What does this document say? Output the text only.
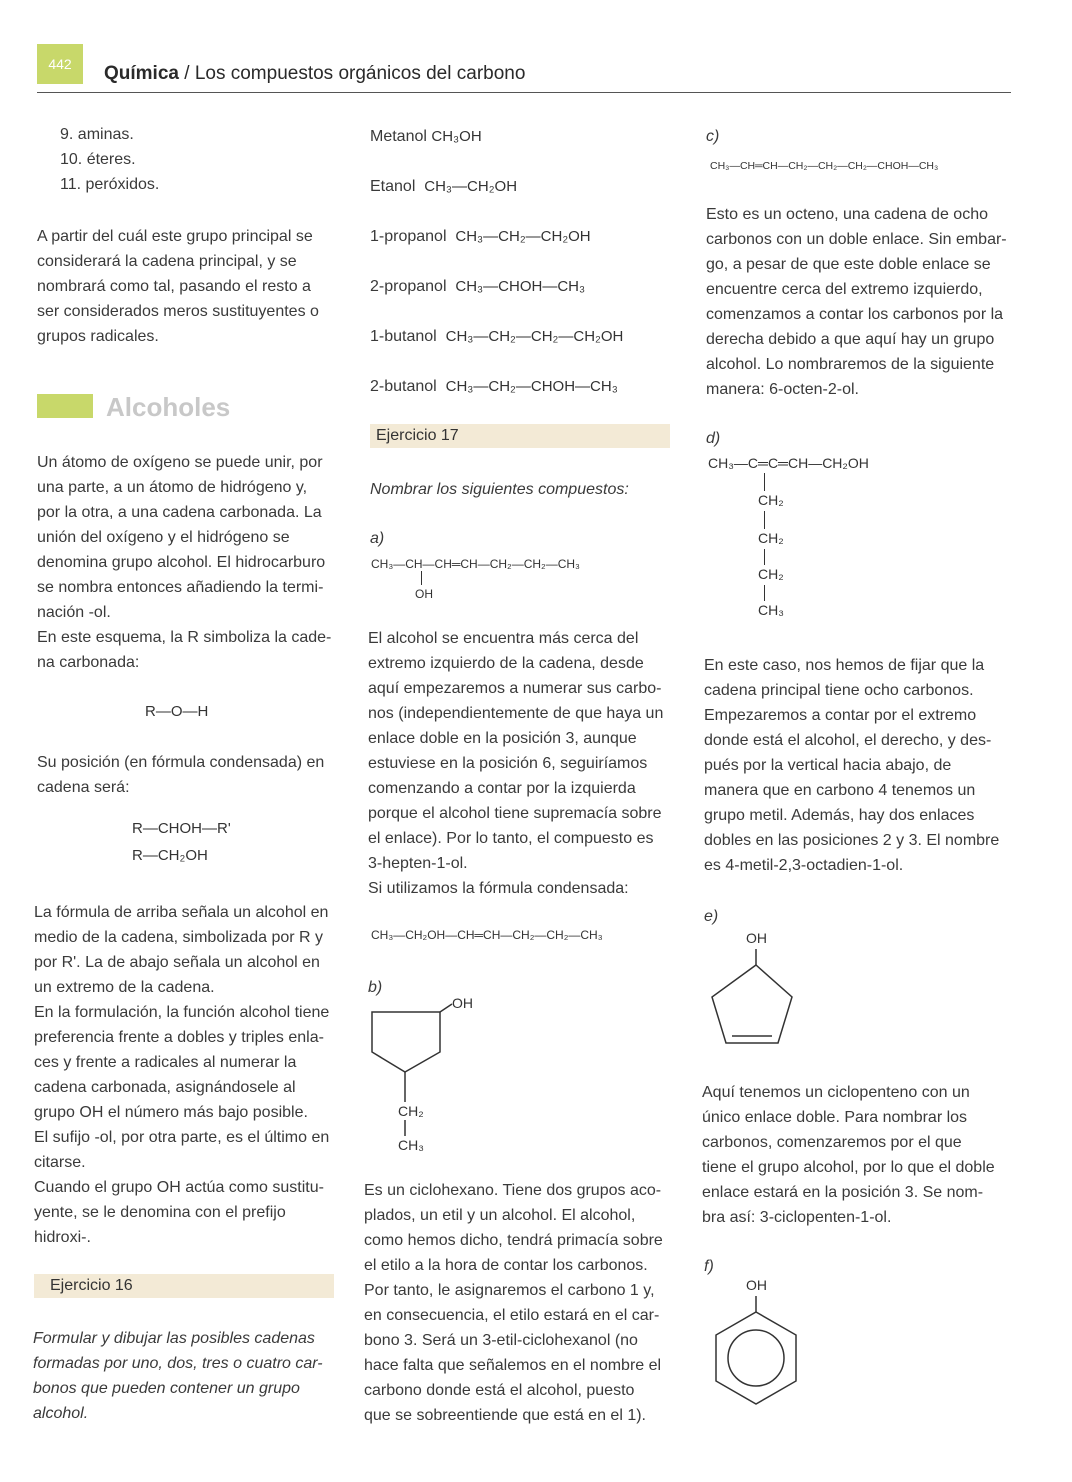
442	Química / Los compuestos orgánicos del carbono
9. aminas.
10. éteres.
11. peróxidos.
A partir del cuál este grupo principal se
considerará la cadena principal, y se
nombrará como tal, pasando el resto a
ser considerados meros sustituyentes o
grupos radicales.
Alcoholes
Un átomo de oxígeno se puede unir, por
una parte, a un átomo de hidrógeno y,
por la otra, a una cadena carbonada. La
unión del oxígeno y el hidrógeno se
denomina grupo alcohol. El hidrocarburo
se nombra entonces añadiendo la termi-
nación -ol.
En este esquema, la R simboliza la cade-
na carbonada:
R—O—H
Su posición (en fórmula condensada) en
cadena será:
R—CHOH—R'
R—CH₂OH
La fórmula de arriba señala un alcohol en
medio de la cadena, simbolizada por R y
por R'. La de abajo señala un alcohol en
un extremo de la cadena.
En la formulación, la función alcohol tiene
preferencia frente a dobles y triples enla-
ces y frente a radicales al numerar la
cadena carbonada, asignándosele al
grupo OH el número más bajo posible.
El sufijo -ol, por otra parte, es el último en
citarse.
Cuando el grupo OH actúa como sustitu-
yente, se le denomina con el prefijo
hidroxi-.
Ejercicio 16
Formular y dibujar las posibles cadenas
formadas por uno, dos, tres o cuatro car-
bonos que pueden contener un grupo
alcohol.
Metanol CH₃OH
Etanol CH₃—CH₂OH
1-propanol CH₃—CH₂—CH₂OH
2-propanol CH₃—CHOH—CH₃
1-butanol CH₃—CH₂—CH₂—CH₂OH
2-butanol CH₃—CH₂—CHOH—CH₃
Ejercicio 17
Nombrar los siguientes compuestos:
a)
CH₃—CH—CH═CH—CH₂—CH₂—CH₃
OH
El alcohol se encuentra más cerca del
extremo izquierdo de la cadena, desde
aquí empezaremos a numerar sus carbo-
nos (independientemente de que haya un
enlace doble en la posición 3, aunque
estuviese en la posición 6, seguiríamos
comenzando a contar por la izquierda
porque el alcohol tiene supremacía sobre
el enlace). Por lo tanto, el compuesto es
3-hepten-1-ol.
Si utilizamos la fórmula condensada:
CH₃—CH₂OH—CH═CH—CH₂—CH₂—CH₃
b)
OH
CH₂
CH₃
Es un ciclohexano. Tiene dos grupos aco-
plados, un etil y un alcohol. El alcohol,
como hemos dicho, tendrá primacía sobre
el etilo a la hora de contar los carbonos.
Por tanto, le asignaremos el carbono 1 y,
en consecuencia, el etilo estará en el car-
bono 3. Será un 3-etil-ciclohexanol (no
hace falta que señalemos en el nombre el
carbono donde está el alcohol, puesto
que se sobreentiende que está en el 1).
c)
CH₃—CH═CH—CH₂—CH₂—CH₂—CHOH—CH₃
Esto es un octeno, una cadena de ocho
carbonos con un doble enlace. Sin embar-
go, a pesar de que este doble enlace se
encuentre cerca del extremo izquierdo,
comenzamos a contar los carbonos por la
derecha debido a que aquí hay un grupo
alcohol. Lo nombraremos de la siguiente
manera: 6-octen-2-ol.
d)
CH₃—C═C═CH—CH₂OH
CH₂
CH₂
CH₂
CH₃
En este caso, nos hemos de fijar que la
cadena principal tiene ocho carbonos.
Empezaremos a contar por el extremo
donde está el alcohol, el derecho, y des-
pués por la vertical hacia abajo, de
manera que en carbono 4 tenemos un
grupo metil. Además, hay dos enlaces
dobles en las posiciones 2 y 3. El nombre
es 4-metil-2,3-octadien-1-ol.
e)
OH
Aquí tenemos un ciclopenteno con un
único enlace doble. Para nombrar los
carbonos, comenzaremos por el que
tiene el grupo alcohol, por lo que el doble
enlace estará en la posición 3. Se nom-
bra así: 3-ciclopenten-1-ol.
f)
OH
